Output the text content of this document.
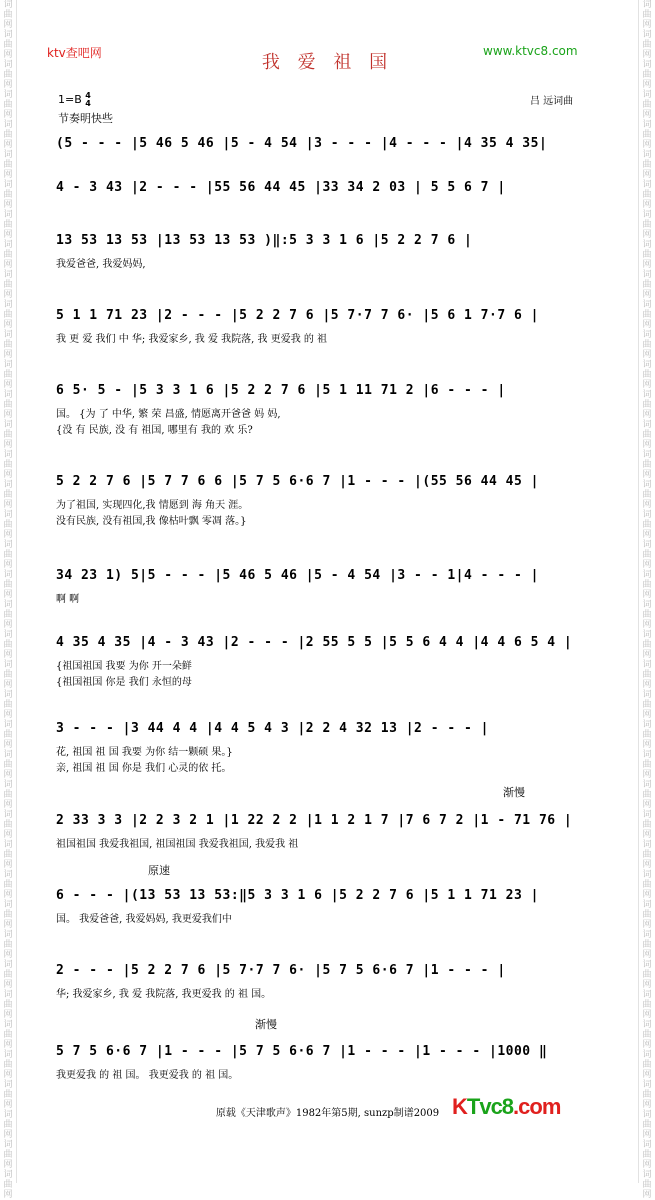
词曲网词曲网词曲网词曲网词曲网词曲网词曲网词曲网词曲网词曲网词曲网词曲网词曲网词曲网词曲网词曲网词曲网词曲网词曲网词曲网词曲网词曲网词曲网词曲网词曲网词曲网词曲网词曲网词曲网词曲网词曲网词曲网词曲网词曲网词曲网词曲网词曲网词曲网词曲网词曲网
词曲网词曲网词曲网词曲网词曲网词曲网词曲网词曲网词曲网词曲网词曲网词曲网词曲网词曲网词曲网词曲网词曲网词曲网词曲网词曲网词曲网词曲网词曲网词曲网词曲网词曲网词曲网词曲网词曲网词曲网词曲网词曲网词曲网词曲网词曲网词曲网词曲网词曲网词曲网词曲网
ktv查吧网	www.ktvc8.com
我 爱 祖 国
1=B 4
4	吕 远词曲
节奏明快些
(5 - - - |5 46 5 46 |5 - 4 54 |3 - - - |4 - - - |4 35 4 35|
4 - 3 43 |2 - - - |55 56 44 45 |33 34 2 03 | 5 5 6 7 |
13 53 13 53 |13 53 13 53 )‖:5 3 3 1 6 |5 2 2 7 6 |
我爱爸爸, 我爱妈妈,
5 1 1 71 23 |2 - - - |5 2 2 7 6 |5 7·7 7 6· |5 6 1 7·7 6 |
我 更 爱 我们 中 华; 我爱家乡, 我 爱 我院落, 我 更爱我 的 祖
6 5· 5 - |5 3 3 1 6 |5 2 2 7 6 |5 1 11 71 2 |6 - - - |
国。 {为 了 中华, 繁 荣 昌盛, 情愿离开爸爸 妈 妈,
{没 有 民族, 没 有 祖国, 哪里有 我的 欢 乐?
5 2 2 7 6 |5 7 7 6 6 |5 7 5 6·6 7 |1 - - - |(55 56 44 45 |
为了祖国, 实现四化,我 情愿到 海 角天 涯。
没有民族, 没有祖国,我 像枯叶飘 零凋 落。}
34 23 1) 5|5 - - - |5 46 5 46 |5 - 4 54 |3 - - 1|4 - - - |
啊 啊
4 35 4 35 |4 - 3 43 |2 - - - |2 55 5 5 |5 5 6 4 4 |4 4 6 5 4 |
{祖国祖国 我要 为你 开一朵鲜
{祖国祖国 你是 我们 永恒的母
3 - - - |3 44 4 4 |4 4 5 4 3 |2 2 4 32 13 |2 - - - |
花, 祖国 祖 国 我要 为你 结一颗硕 果。}
亲, 祖国 祖 国 你是 我们 心灵的依 托。
渐慢
2 33 3 3 |2 2 3 2 1 |1 22 2 2 |1 1 2 1 7 |7 6 7 2 |1 - 71 76 |
祖国祖国 我爱我祖国, 祖国祖国 我爱我祖国, 我爱我 祖
原速
6 - - - |(13 53 13 53:‖5 3 3 1 6 |5 2 2 7 6 |5 1 1 71 23 |
国。 我爱爸爸, 我爱妈妈, 我更爱我们中
2 - - - |5 2 2 7 6 |5 7·7 7 6· |5 7 5 6·6 7 |1 - - - |
华; 我爱家乡, 我 爱 我院落, 我更爱我 的 祖 国。
渐慢
5 7 5 6·6 7 |1 - - - |5 7 5 6·6 7 |1 - - - |1 - - - |1000 ‖
我更爱我 的 祖 国。 我更爱我 的 祖 国。
原载《天津歌声》1982年第5期, sunzp制谱2009 KTvc8.com
